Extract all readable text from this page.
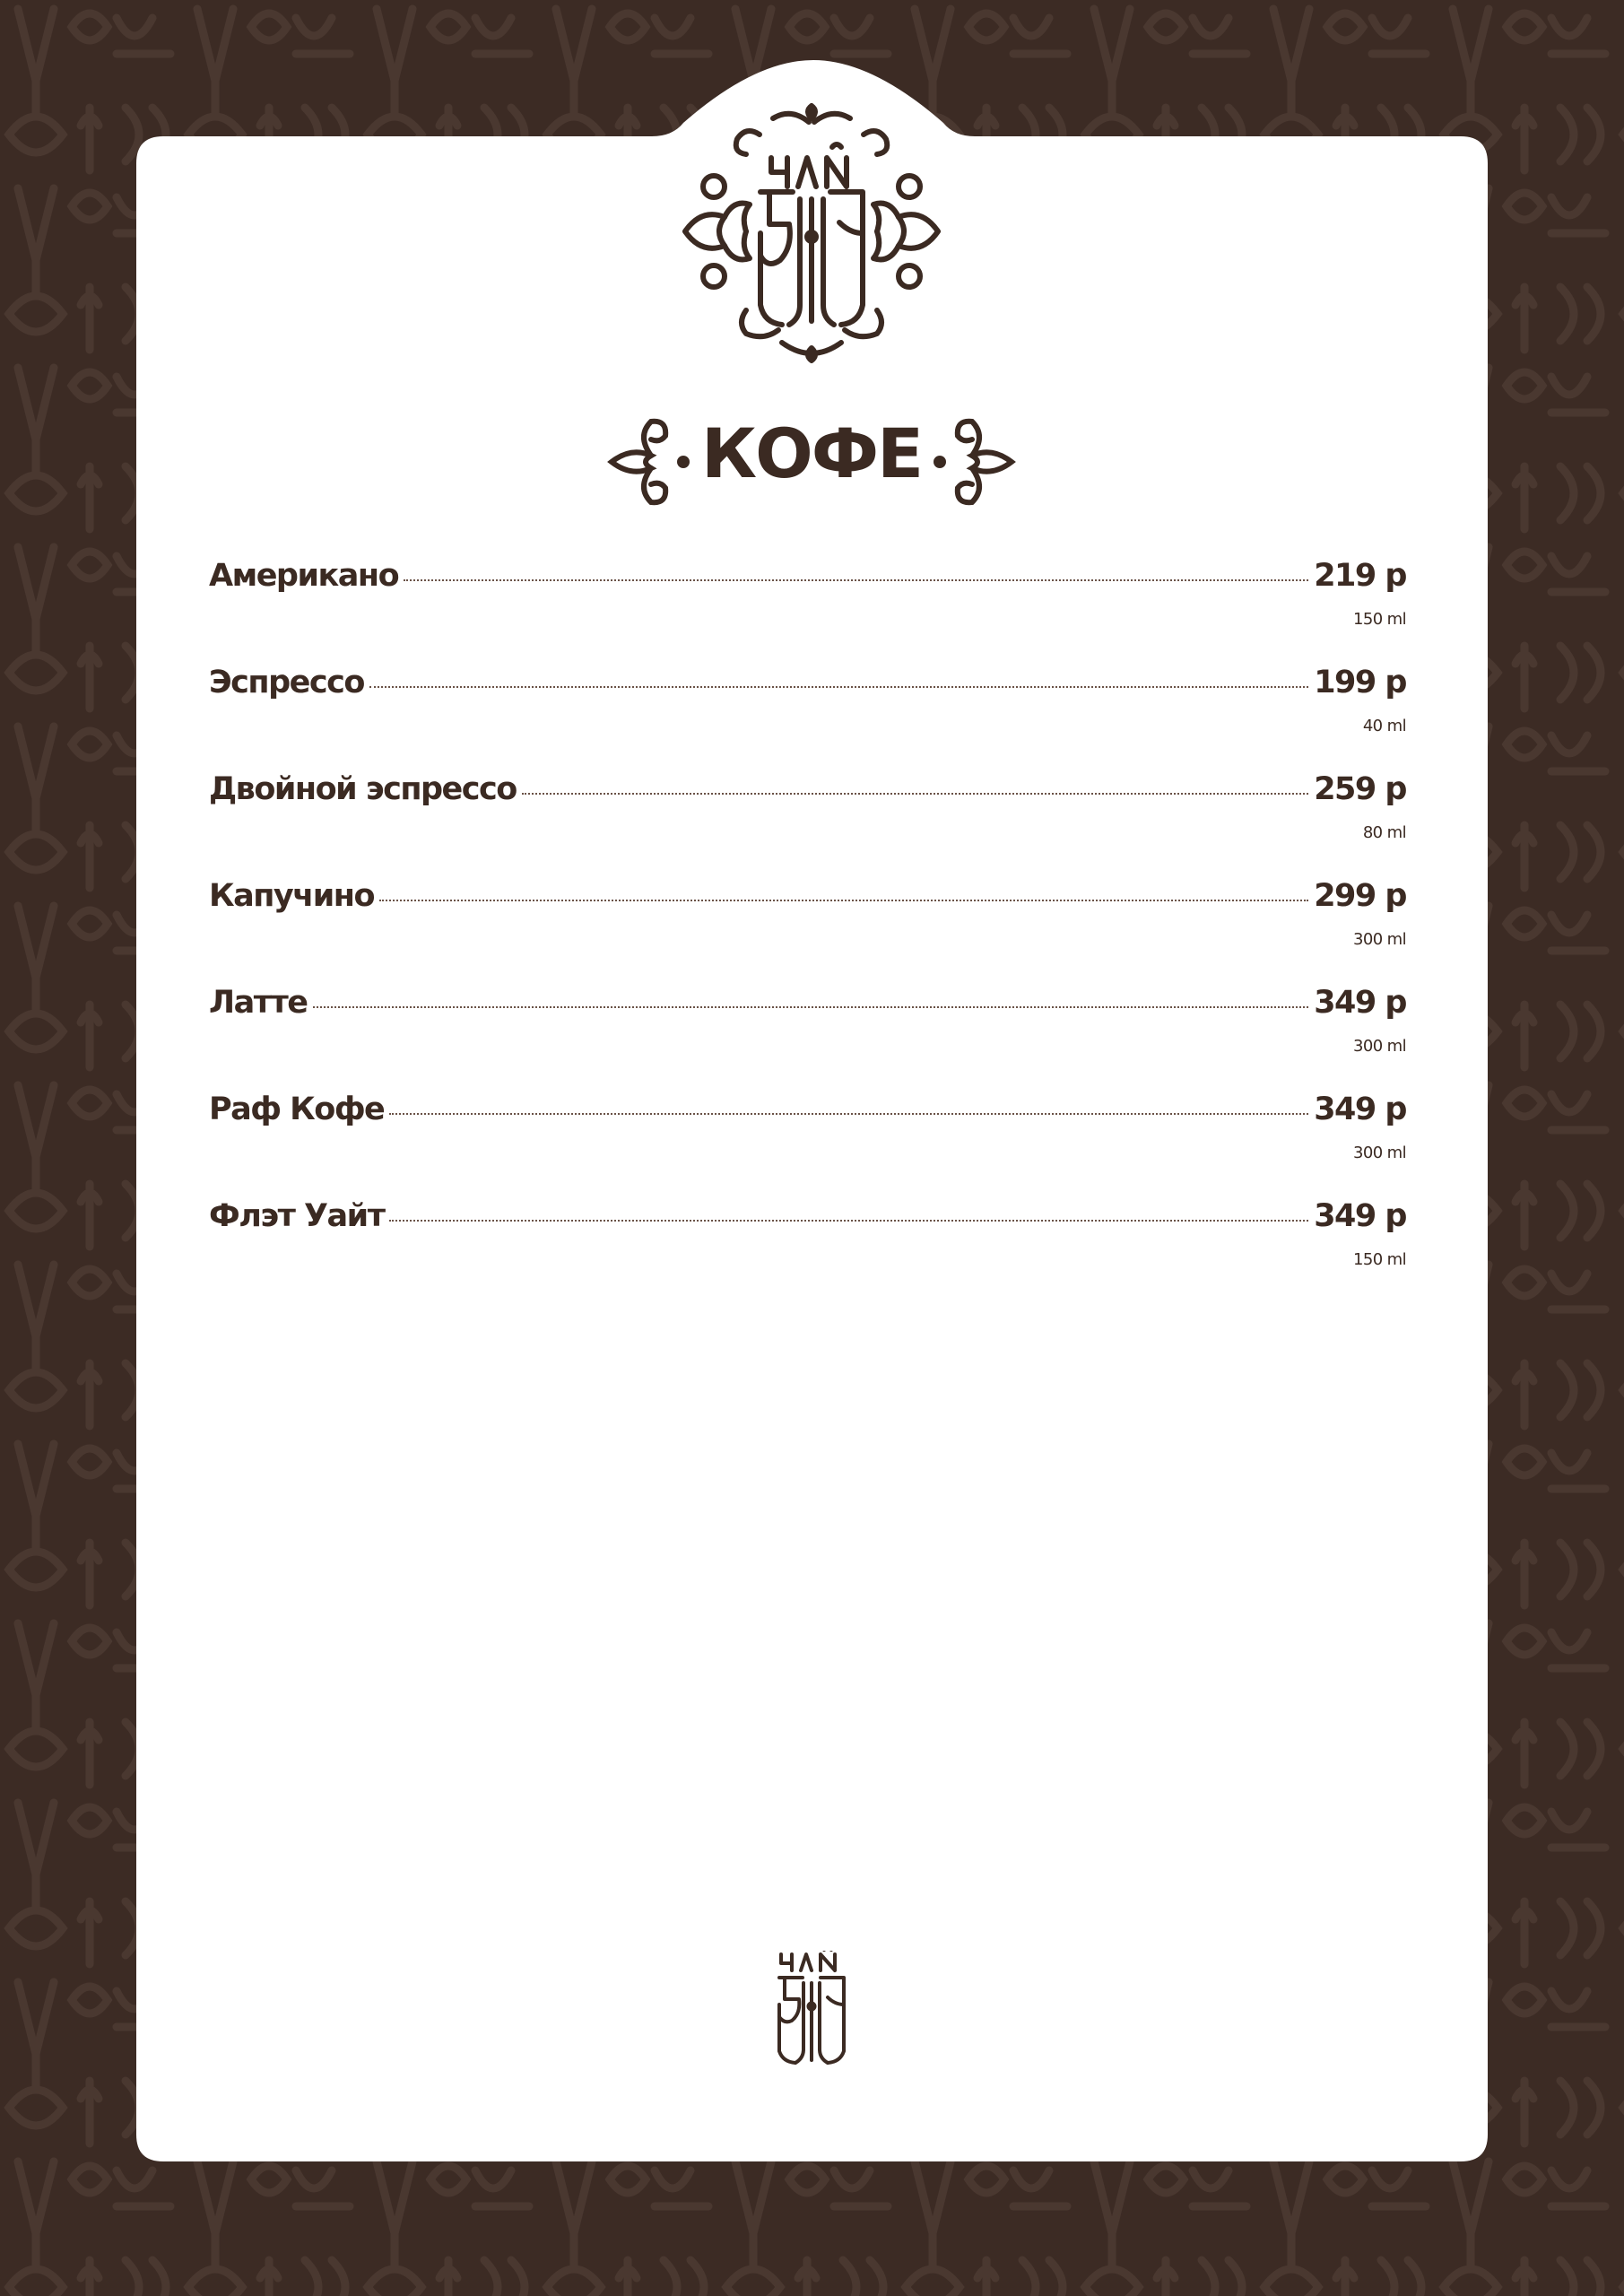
КОФЕ
Американо	219 р
150 ml
Эспрессо	199 р
40 ml
Двойной эспрессо	259 р
80 ml
Капучино	299 р
300 ml
Латте	349 р
300 ml
Раф Кофе	349 р
300 ml
Флэт Уайт	349 р
150 ml
